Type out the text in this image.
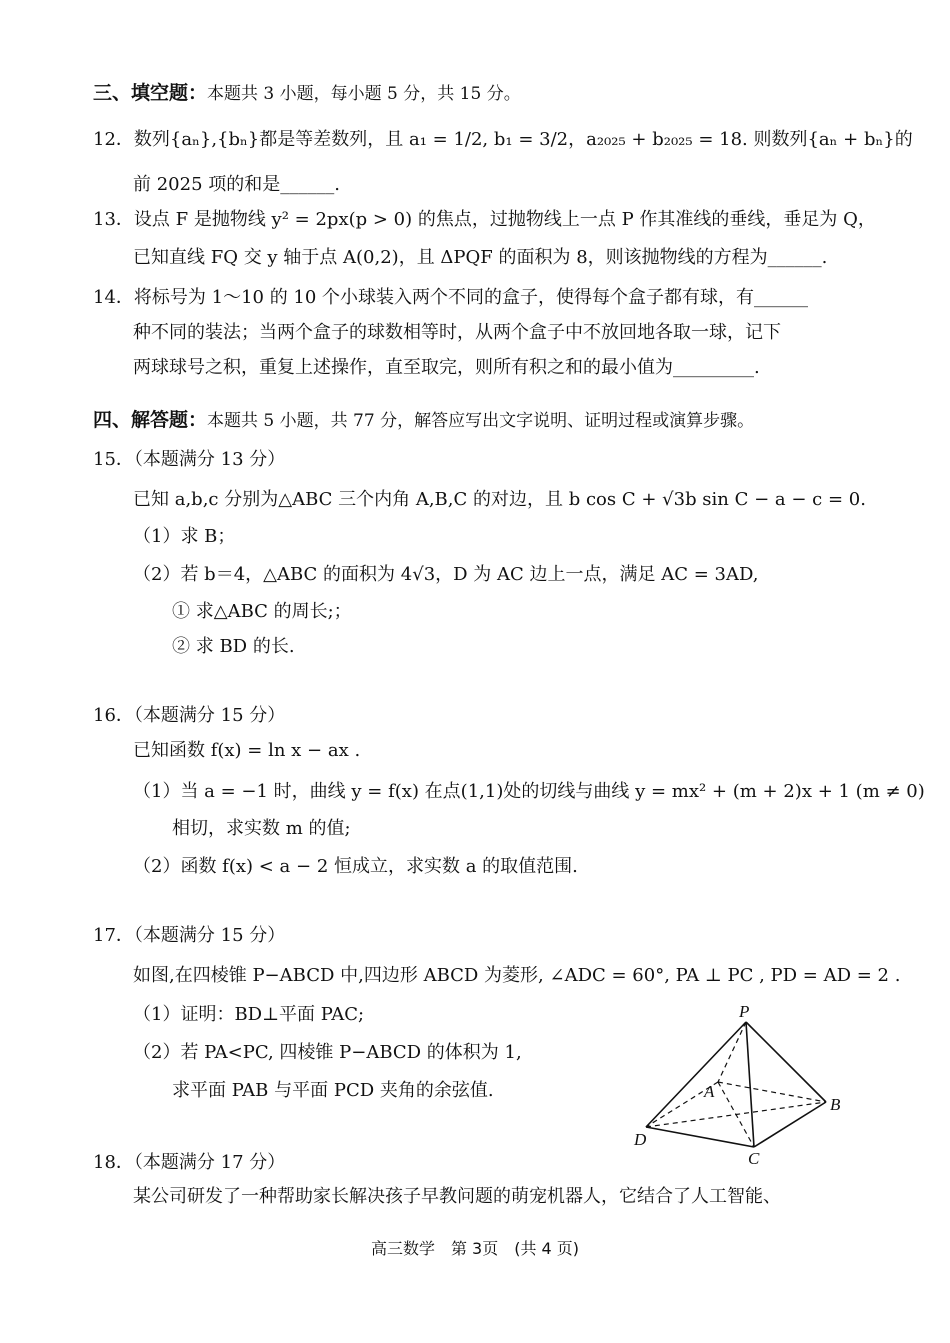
三、填空题：本题共 3 小题，每小题 5 分，共 15 分。
12．数列{aₙ},{bₙ}都是等差数列，且 a₁ = 1/2, b₁ = 3/2，a₂₀₂₅ + b₂₀₂₅ = 18. 则数列{aₙ + bₙ}的
前 2025 项的和是______.
13．设点 F 是抛物线 y² = 2px(p > 0) 的焦点，过抛物线上一点 P 作其准线的垂线，垂足为 Q，
已知直线 FQ 交 y 轴于点 A(0,2)，且 ΔPQF 的面积为 8，则该抛物线的方程为______.
14．将标号为 1～10 的 10 个小球装入两个不同的盒子，使得每个盒子都有球，有______
种不同的装法；当两个盒子的球数相等时，从两个盒子中不放回地各取一球，记下
两球球号之积，重复上述操作，直至取完，则所有积之和的最小值为_________.
四、解答题：本题共 5 小题，共 77 分，解答应写出文字说明、证明过程或演算步骤。
15．（本题满分 13 分）
已知 a,b,c 分别为△ABC 三个内角 A,B,C 的对边，且 b cos C + √3b sin C − a − c = 0.
（1）求 B；
（2）若 b＝4，△ABC 的面积为 4√3，D 为 AC 边上一点，满足 AC = 3AD,
① 求△ABC 的周长;；
② 求 BD 的长.
16．（本题满分 15 分）
已知函数 f(x) = ln x − ax .
（1）当 a = −1 时，曲线 y = f(x) 在点(1,1)处的切线与曲线 y = mx² + (m + 2)x + 1 (m ≠ 0)
相切，求实数 m 的值;
（2）函数 f(x) < a − 2 恒成立，求实数 a 的取值范围.
17．（本题满分 15 分）
如图,在四棱锥 P−ABCD 中,四边形 ABCD 为菱形, ∠ADC = 60°, PA ⊥ PC , PD = AD = 2 .
（1）证明：BD⊥平面 PAC;
（2）若 PA<PC, 四棱锥 P−ABCD 的体积为 1,
求平面 PAB 与平面 PCD 夹角的余弦值.
P
A
B
C
D
18．（本题满分 17 分）
某公司研发了一种帮助家长解决孩子早教问题的萌宠机器人，它结合了人工智能、
高三数学　第 3页　(共 4 页)
